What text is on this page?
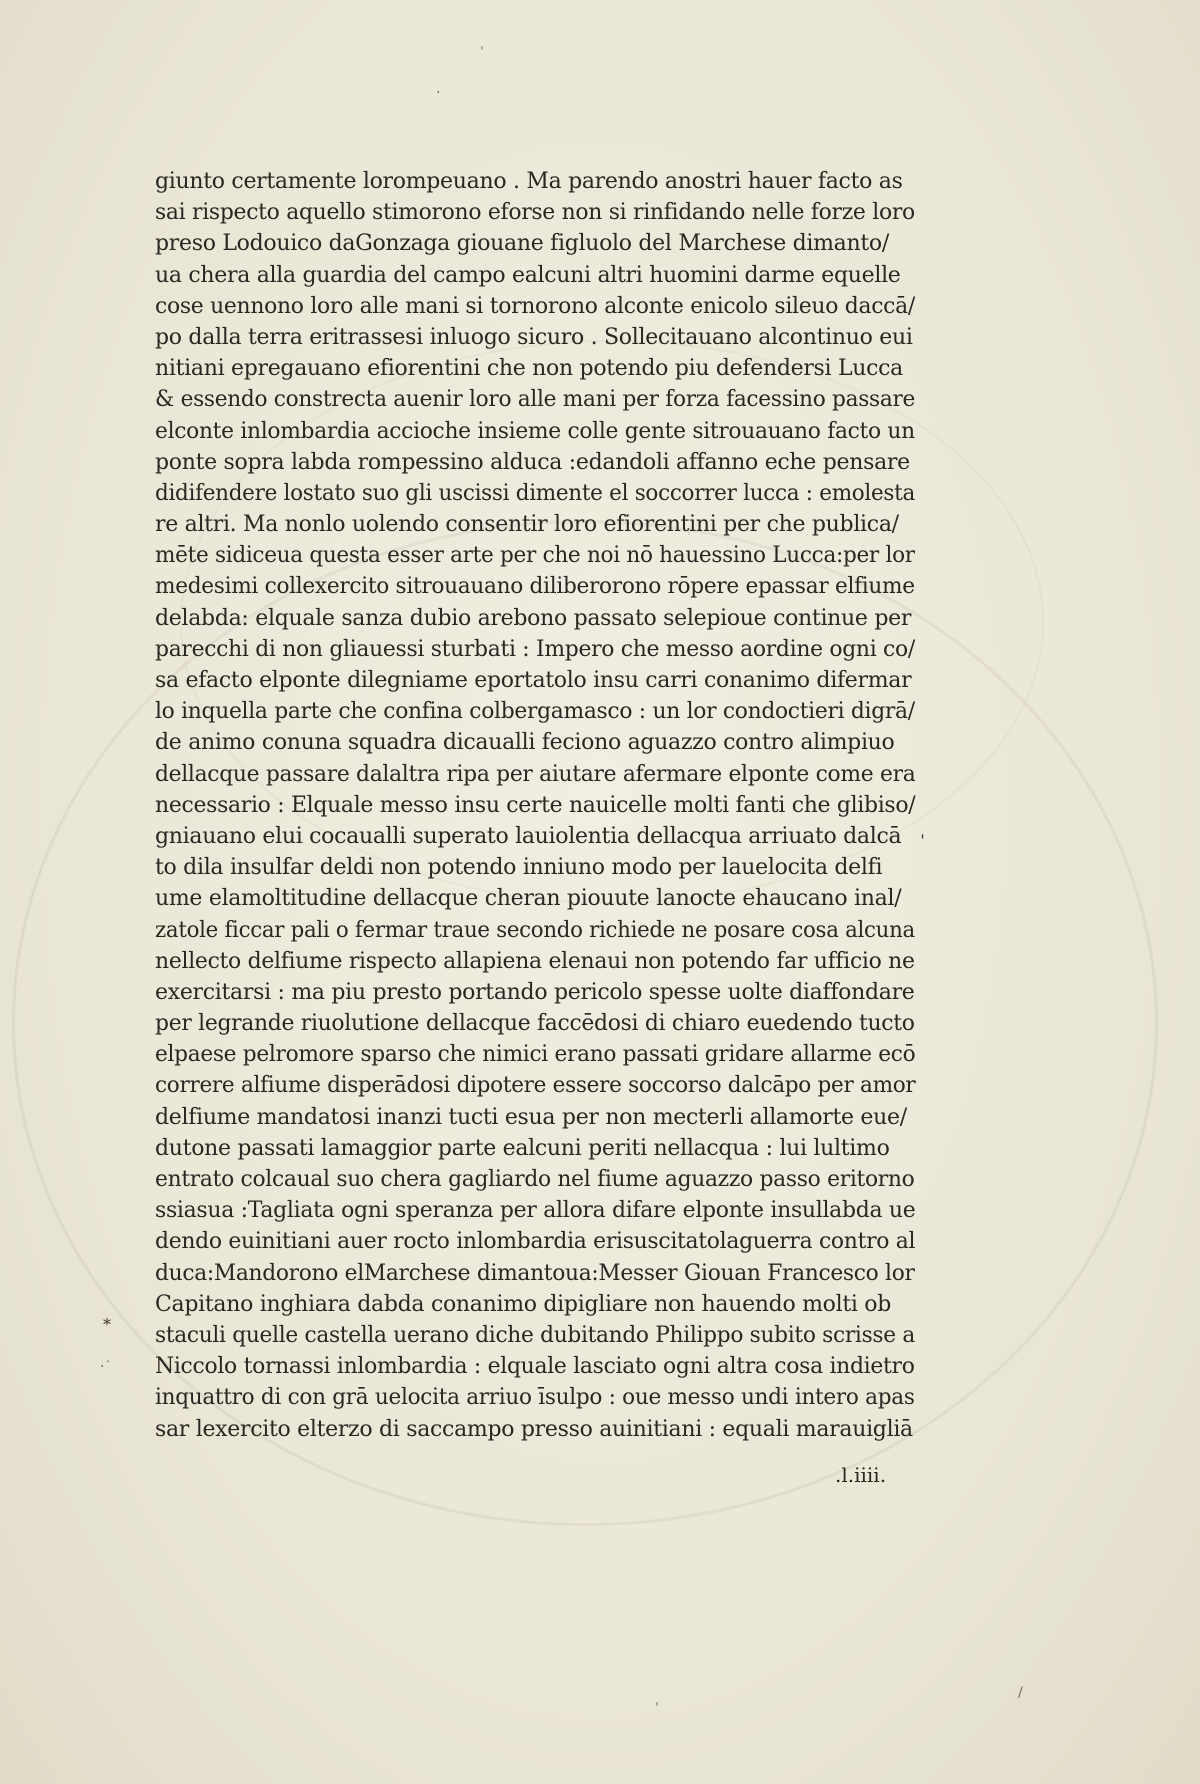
ˈ
·
ˈ
*
·˙
ˈ
/
giunto certamente lorompeuano . Ma parendo anostri hauer facto as
sai rispecto aquello stimorono eforse non si rinfidando nelle forze loro
preso Lodouico daGonzaga giouane figluolo del Marchese dimanto/
ua chera alla guardia del campo ealcuni altri huomini darme equelle
cose uennono loro alle mani si tornorono alconte enicolo sileuo daccā/
po dalla terra eritrassesi inluogo sicuro . Sollecitauano alcontinuo eui
nitiani epregauano efiorentini che non potendo piu defendersi Lucca
& essendo constrecta auenir loro alle mani per forza facessino passare
elconte inlombardia accioche insieme colle gente sitrouauano facto un
ponte sopra labda rompessino alduca :edandoli affanno eche pensare
didifendere lostato suo gli uscissi dimente el soccorrer lucca : emolesta
re altri. Ma nonlo uolendo consentir loro efiorentini per che publica/
mēte sidiceua questa esser arte per che noi nō hauessino Lucca:per lor
medesimi collexercito sitrouauano diliberorono rōpere epassar elfiume
delabda: elquale sanza dubio arebono passato selepioue continue per
parecchi di non gliauessi sturbati : Impero che messo aordine ogni co/
sa efacto elponte dilegniame eportatolo insu carri conanimo difermar
lo inquella parte che confina colbergamasco : un lor condoctieri digrā/
de animo conuna squadra dicaualli feciono aguazzo contro alimpiuo
dellacque passare dalaltra ripa per aiutare afermare elponte come era
necessario : Elquale messo insu certe nauicelle molti fanti che glibiso/
gniauano elui cocaualli superato lauiolentia dellacqua arriuato dalcā
to dila insulfar deldi non potendo inniuno modo per lauelocita delfi
ume elamoltitudine dellacque cheran piouute lanocte ehaucano inal/
zatole ficcar pali o fermar traue secondo richiede ne posare cosa alcuna
nellecto delfiume rispecto allapiena elenaui non potendo far ufficio ne
exercitarsi : ma piu presto portando pericolo spesse uolte diaffondare
per legrande riuolutione dellacque faccēdosi di chiaro euedendo tucto
elpaese pelromore sparso che nimici erano passati gridare allarme ecō
correre alfiume disperādosi dipotere essere soccorso dalcāpo per amor
delfiume mandatosi inanzi tucti esua per non mecterli allamorte eue/
dutone passati lamaggior parte ealcuni periti nellacqua : lui lultimo
entrato colcaual suo chera gagliardo nel fiume aguazzo passo eritorno
ssiasua :Tagliata ogni speranza per allora difare elponte insullabda ue
dendo euinitiani auer rocto inlombardia erisuscitatolaguerra contro al
duca:Mandorono elMarchese dimantoua:Messer Giouan Francesco lor
Capitano inghiara dabda conanimo dipigliare non hauendo molti ob
staculi quelle castella uerano diche dubitando Philippo subito scrisse a
Niccolo tornassi inlombardia : elquale lasciato ogni altra cosa indietro
inquattro di con grā uelocita arriuo īsulpo : oue messo undi intero apas
sar lexercito elterzo di saccampo presso auinitiani : equali marauigliā
.l.iiii.
